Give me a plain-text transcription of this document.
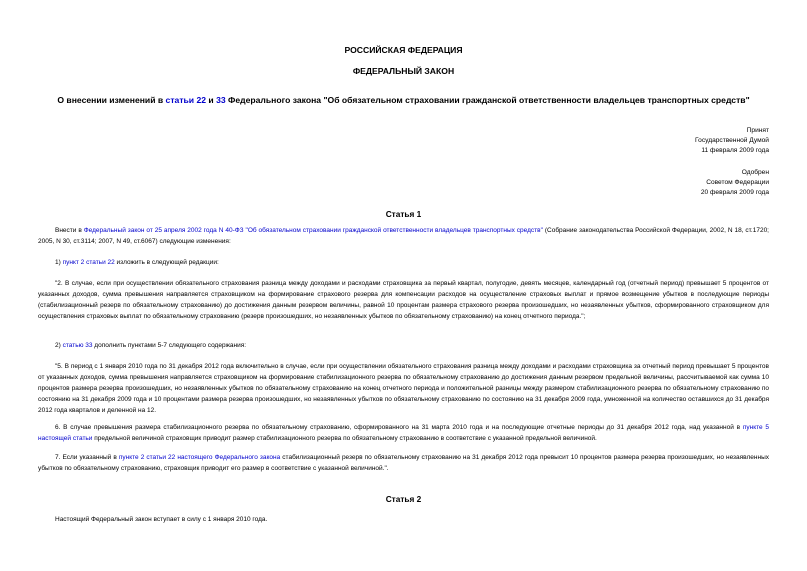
РОССИЙСКАЯ ФЕДЕРАЦИЯ
ФЕДЕРАЛЬНЫЙ ЗАКОН
О внесении изменений в статьи 22 и 33 Федерального закона "Об обязательном страховании гражданской ответственности владельцев транспортных средств"
Принят
Государственной Думой
11 февраля 2009 года
Одобрен
Советом Федерации
20 февраля 2009 года
Статья 1
Внести в Федеральный закон от 25 апреля 2002 года N 40-ФЗ "Об обязательном страховании гражданской ответственности владельцев транспортных средств" (Собрание законодательства Российской Федерации, 2002, N 18, ст.1720; 2005, N 30, ст.3114; 2007, N 49, ст.6067) следующие изменения:
1) пункт 2 статьи 22 изложить в следующей редакции:
"2. В случае, если при осуществлении обязательного страхования разница между доходами и расходами страховщика за первый квартал, полугодие, девять месяцев, календарный год (отчетный период) превышает 5 процентов от указанных доходов, сумма превышения направляется страховщиком на формирование страхового резерва для компенсации расходов на осуществление страховых выплат и прямое возмещение убытков в последующие периоды (стабилизационный резерв по обязательному страхованию) до достижения данным резервом величины, равной 10 процентам размера страхового резерва произошедших, но незаявленных убытков, сформированного страховщиком для осуществления страховых выплат по обязательному страхованию (резерв произошедших, но незаявленных убытков по обязательному страхованию) на конец отчетного периода.";
2) статью 33 дополнить пунктами 5-7 следующего содержания:
"5. В период с 1 января 2010 года по 31 декабря 2012 года включительно в случае, если при осуществлении обязательного страхования разница между доходами и расходами страховщика за отчетный период превышает 5 процентов от указанных доходов, сумма превышения направляется страховщиком на формирование стабилизационного резерва по обязательному страхованию до достижения данным резервом предельной величины, рассчитываемой как сумма 10 процентов размера резерва произошедших, но незаявленных убытков по обязательному страхованию на конец отчетного периода и положительной разницы между размером стабилизационного резерва по обязательному страхованию по состоянию на 31 декабря 2009 года и 10 процентами размера резерва произошедших, но незаявленных убытков по обязательному страхованию по состоянию на 31 декабря 2009 года, умноженной на количество оставшихся до 31 декабря 2012 года кварталов и деленной на 12.
6. В случае превышения размера стабилизационного резерва по обязательному страхованию, сформированного на 31 марта 2010 года и на последующие отчетные периоды до 31 декабря 2012 года, над указанной в пункте 5 настоящей статьи предельной величиной страховщик приводит размер стабилизационного резерва по обязательному страхованию в соответствие с указанной предельной величиной.
7. Если указанный в пункте 2 статьи 22 настоящего Федерального закона стабилизационный резерв по обязательному страхованию на 31 декабря 2012 года превысит 10 процентов размера резерва произошедших, но незаявленных убытков по обязательному страхованию, страховщик приводит его размер в соответствие с указанной величиной.".
Статья 2
Настоящий Федеральный закон вступает в силу с 1 января 2010 года.
